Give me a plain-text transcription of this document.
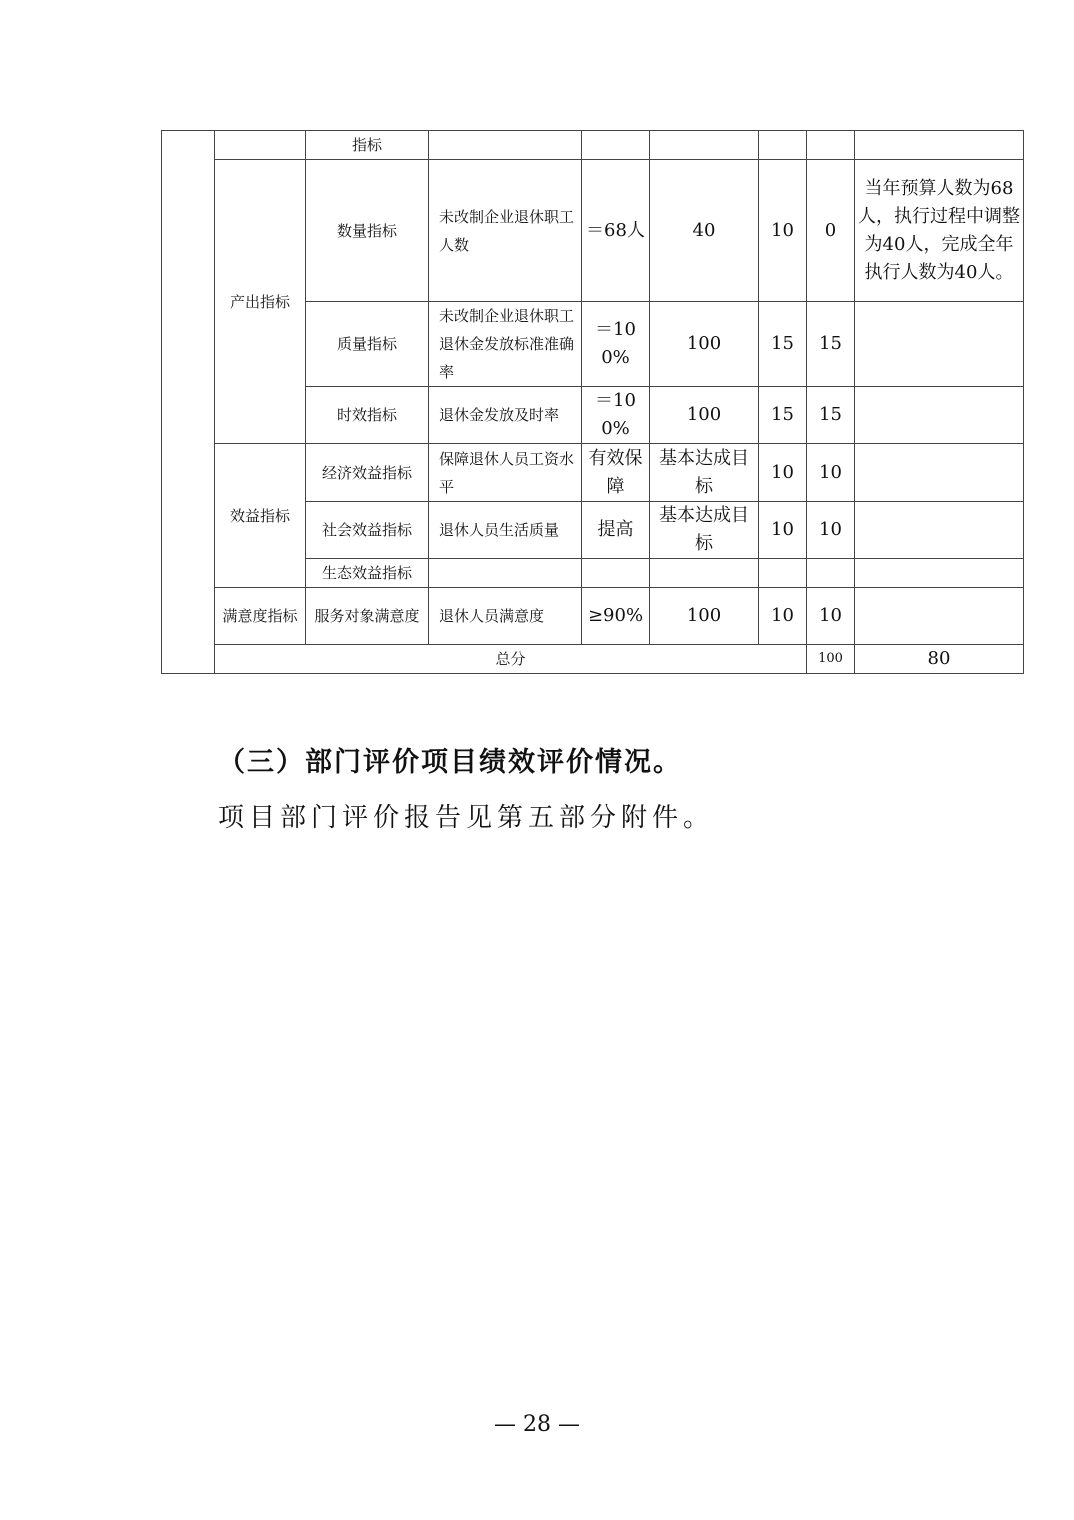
		指标							
	产出指标	数量指标	未改制企业退休职工人数	＝68人	40	10	0	当年预算人数为68人，执行过程中调整为40人，完成全年执行人数为40人。	
		质量指标	未改制企业退休职工退休金发放标准准确率	＝100%	100	15	15		
		时效指标	退休金发放及时率	＝100%	100	15	15		
	效益指标	经济效益指标	保障退休人员工资水平	有效保障	基本达成目标	10	10		
		社会效益指标	退休人员生活质量	提高	基本达成目标	10	10		
		生态效益指标							
	满意度指标	服务对象满意度	退休人员满意度	≥90%	100	10	10		
	总分						100	80	
（三）部门评价项目绩效评价情况。
项目部门评价报告见第五部分附件。
— 28 —
